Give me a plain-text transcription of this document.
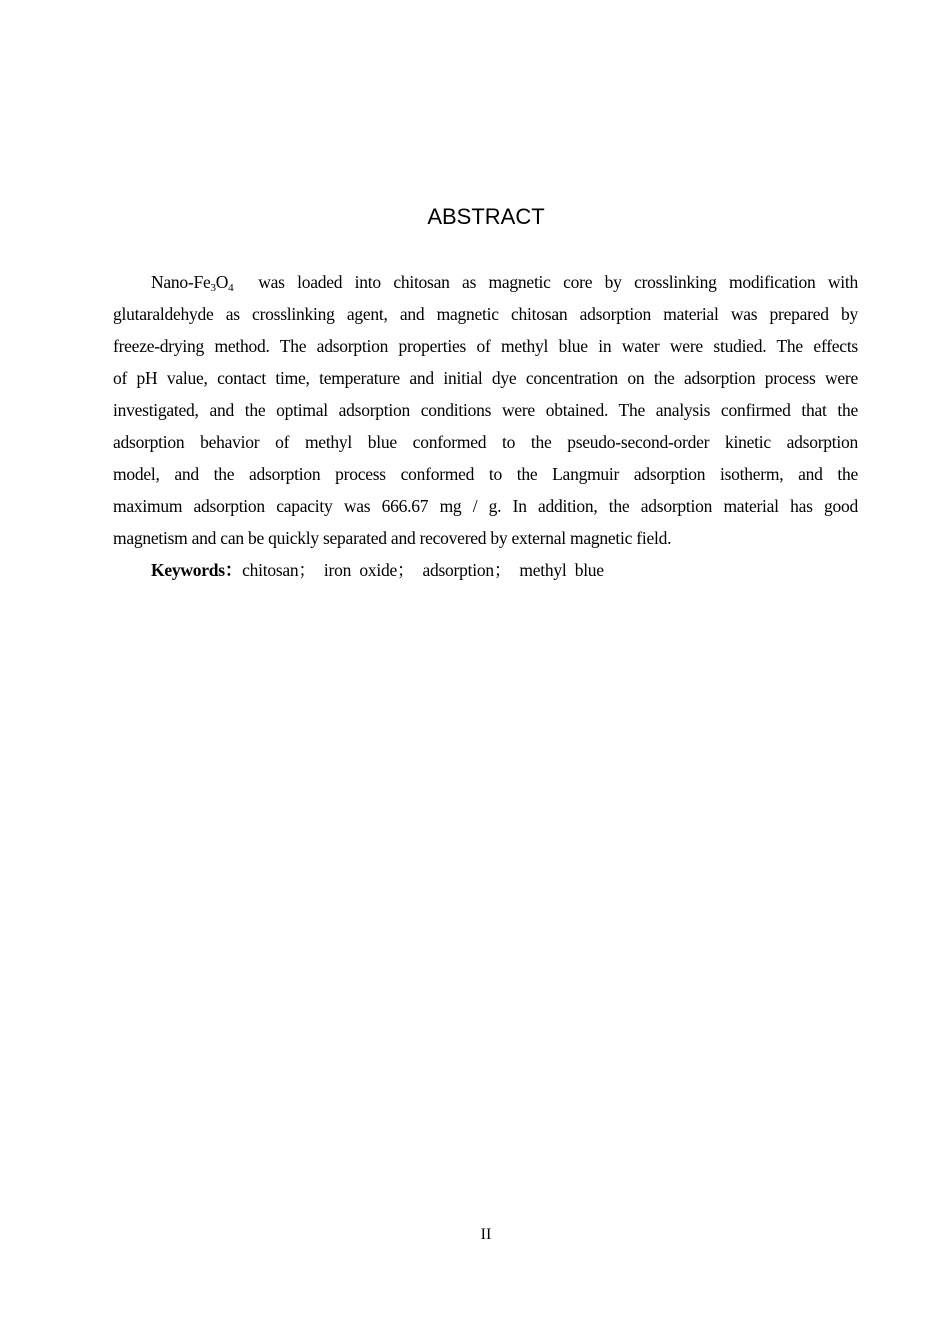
ABSTRACT
Nano-$Fe_3O_4$  was loaded into chitosan as magnetic core by crosslinking modification with
glutaraldehyde as crosslinking agent, and magnetic chitosan adsorption material was prepared by
freeze-drying method. The adsorption properties of methyl blue in water were studied. The effects
of pH value, contact time, temperature and initial dye concentration on the adsorption process were
investigated, and the optimal adsorption conditions were obtained. The analysis confirmed that the
adsorption behavior of methyl blue conformed to the pseudo-second-order kinetic adsorption
model, and the adsorption process conformed to the Langmuir adsorption isotherm, and the
maximum adsorption capacity was 666.67 mg / g. In addition, the adsorption material has good
magnetism and can be quickly separated and recovered by external magnetic field.
Keywords：chitosan；  iron  oxide；  adsorption；  methyl  blue
II
